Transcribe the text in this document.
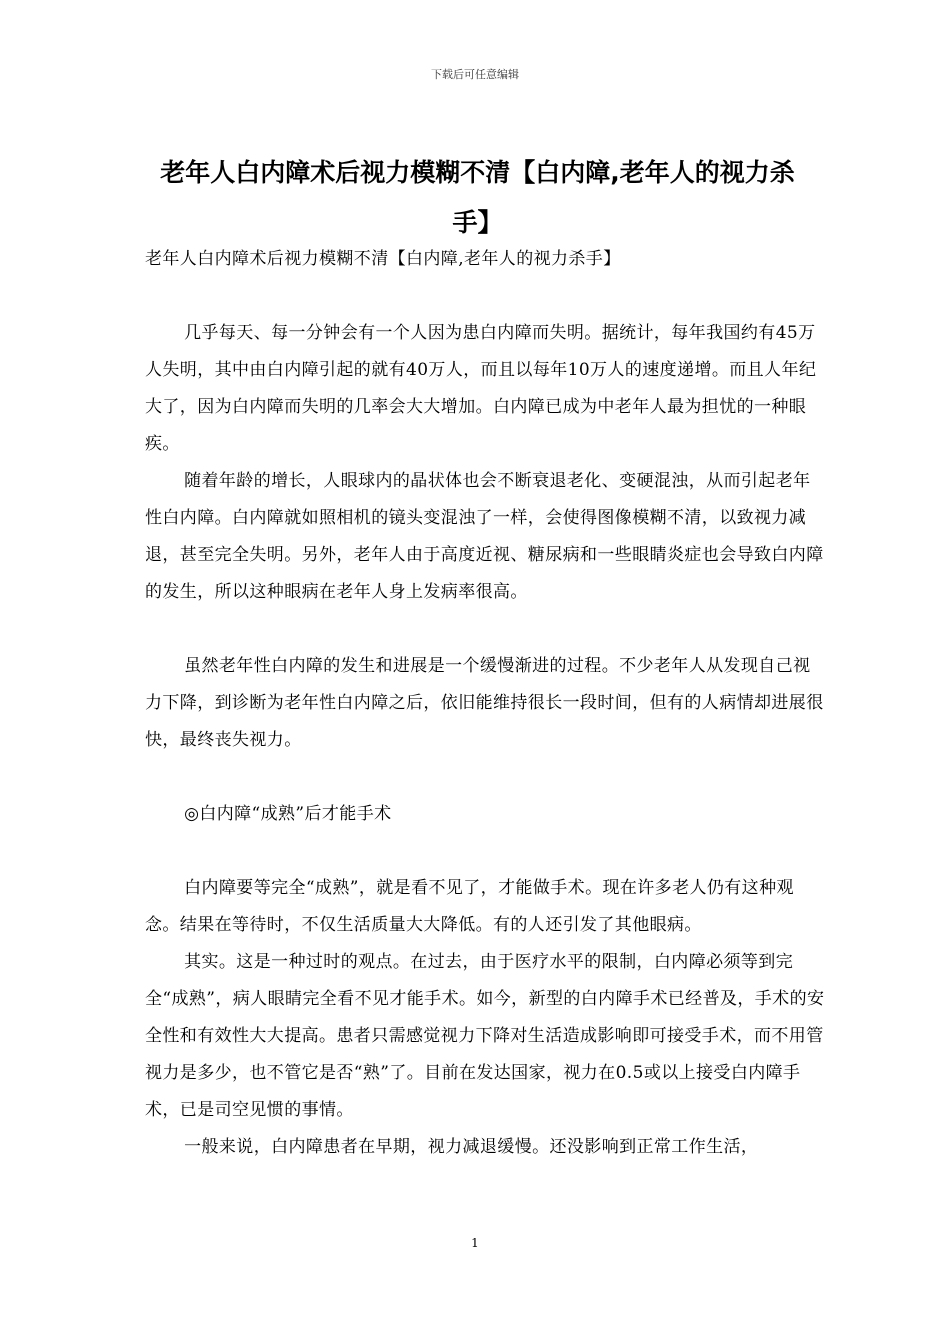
下载后可任意编辑
老年人白内障术后视力模糊不清【白内障,老年人的视力杀手】

老年人白内障术后视力模糊不清【白内障,老年人的视力杀手】

几乎每天、每一分钟会有一个人因为患白内障而失明。据统计，每年我国约有45万人失明，其中由白内障引起的就有40万人，而且以每年10万人的速度递增。而且人年纪大了，因为白内障而失明的几率会大大增加。白内障已成为中老年人最为担忧的一种眼疾。

随着年龄的增长，人眼球内的晶状体也会不断衰退老化、变硬混浊，从而引起老年性白内障。白内障就如照相机的镜头变混浊了一样，会使得图像模糊不清，以致视力减退，甚至完全失明。另外，老年人由于高度近视、糖尿病和一些眼睛炎症也会导致白内障的发生，所以这种眼病在老年人身上发病率很高。

虽然老年性白内障的发生和进展是一个缓慢渐进的过程。不少老年人从发现自己视力下降，到诊断为老年性白内障之后，依旧能维持很长一段时间，但有的人病情却进展很快，最终丧失视力。

◎白内障“成熟”后才能手术

白内障要等完全“成熟”，就是看不见了，才能做手术。现在许多老人仍有这种观念。结果在等待时，不仅生活质量大大降低。有的人还引发了其他眼病。

其实。这是一种过时的观点。在过去，由于医疗水平的限制，白内障必须等到完全“成熟”，病人眼睛完全看不见才能手术。如今，新型的白内障手术已经普及，手术的安全性和有效性大大提高。患者只需感觉视力下降对生活造成影响即可接受手术，而不用管视力是多少，也不管它是否“熟”了。目前在发达国家，视力在0.5或以上接受白内障手术，已是司空见惯的事情。

一般来说，白内障患者在早期，视力减退缓慢。还没影响到正常工作生活，

1
